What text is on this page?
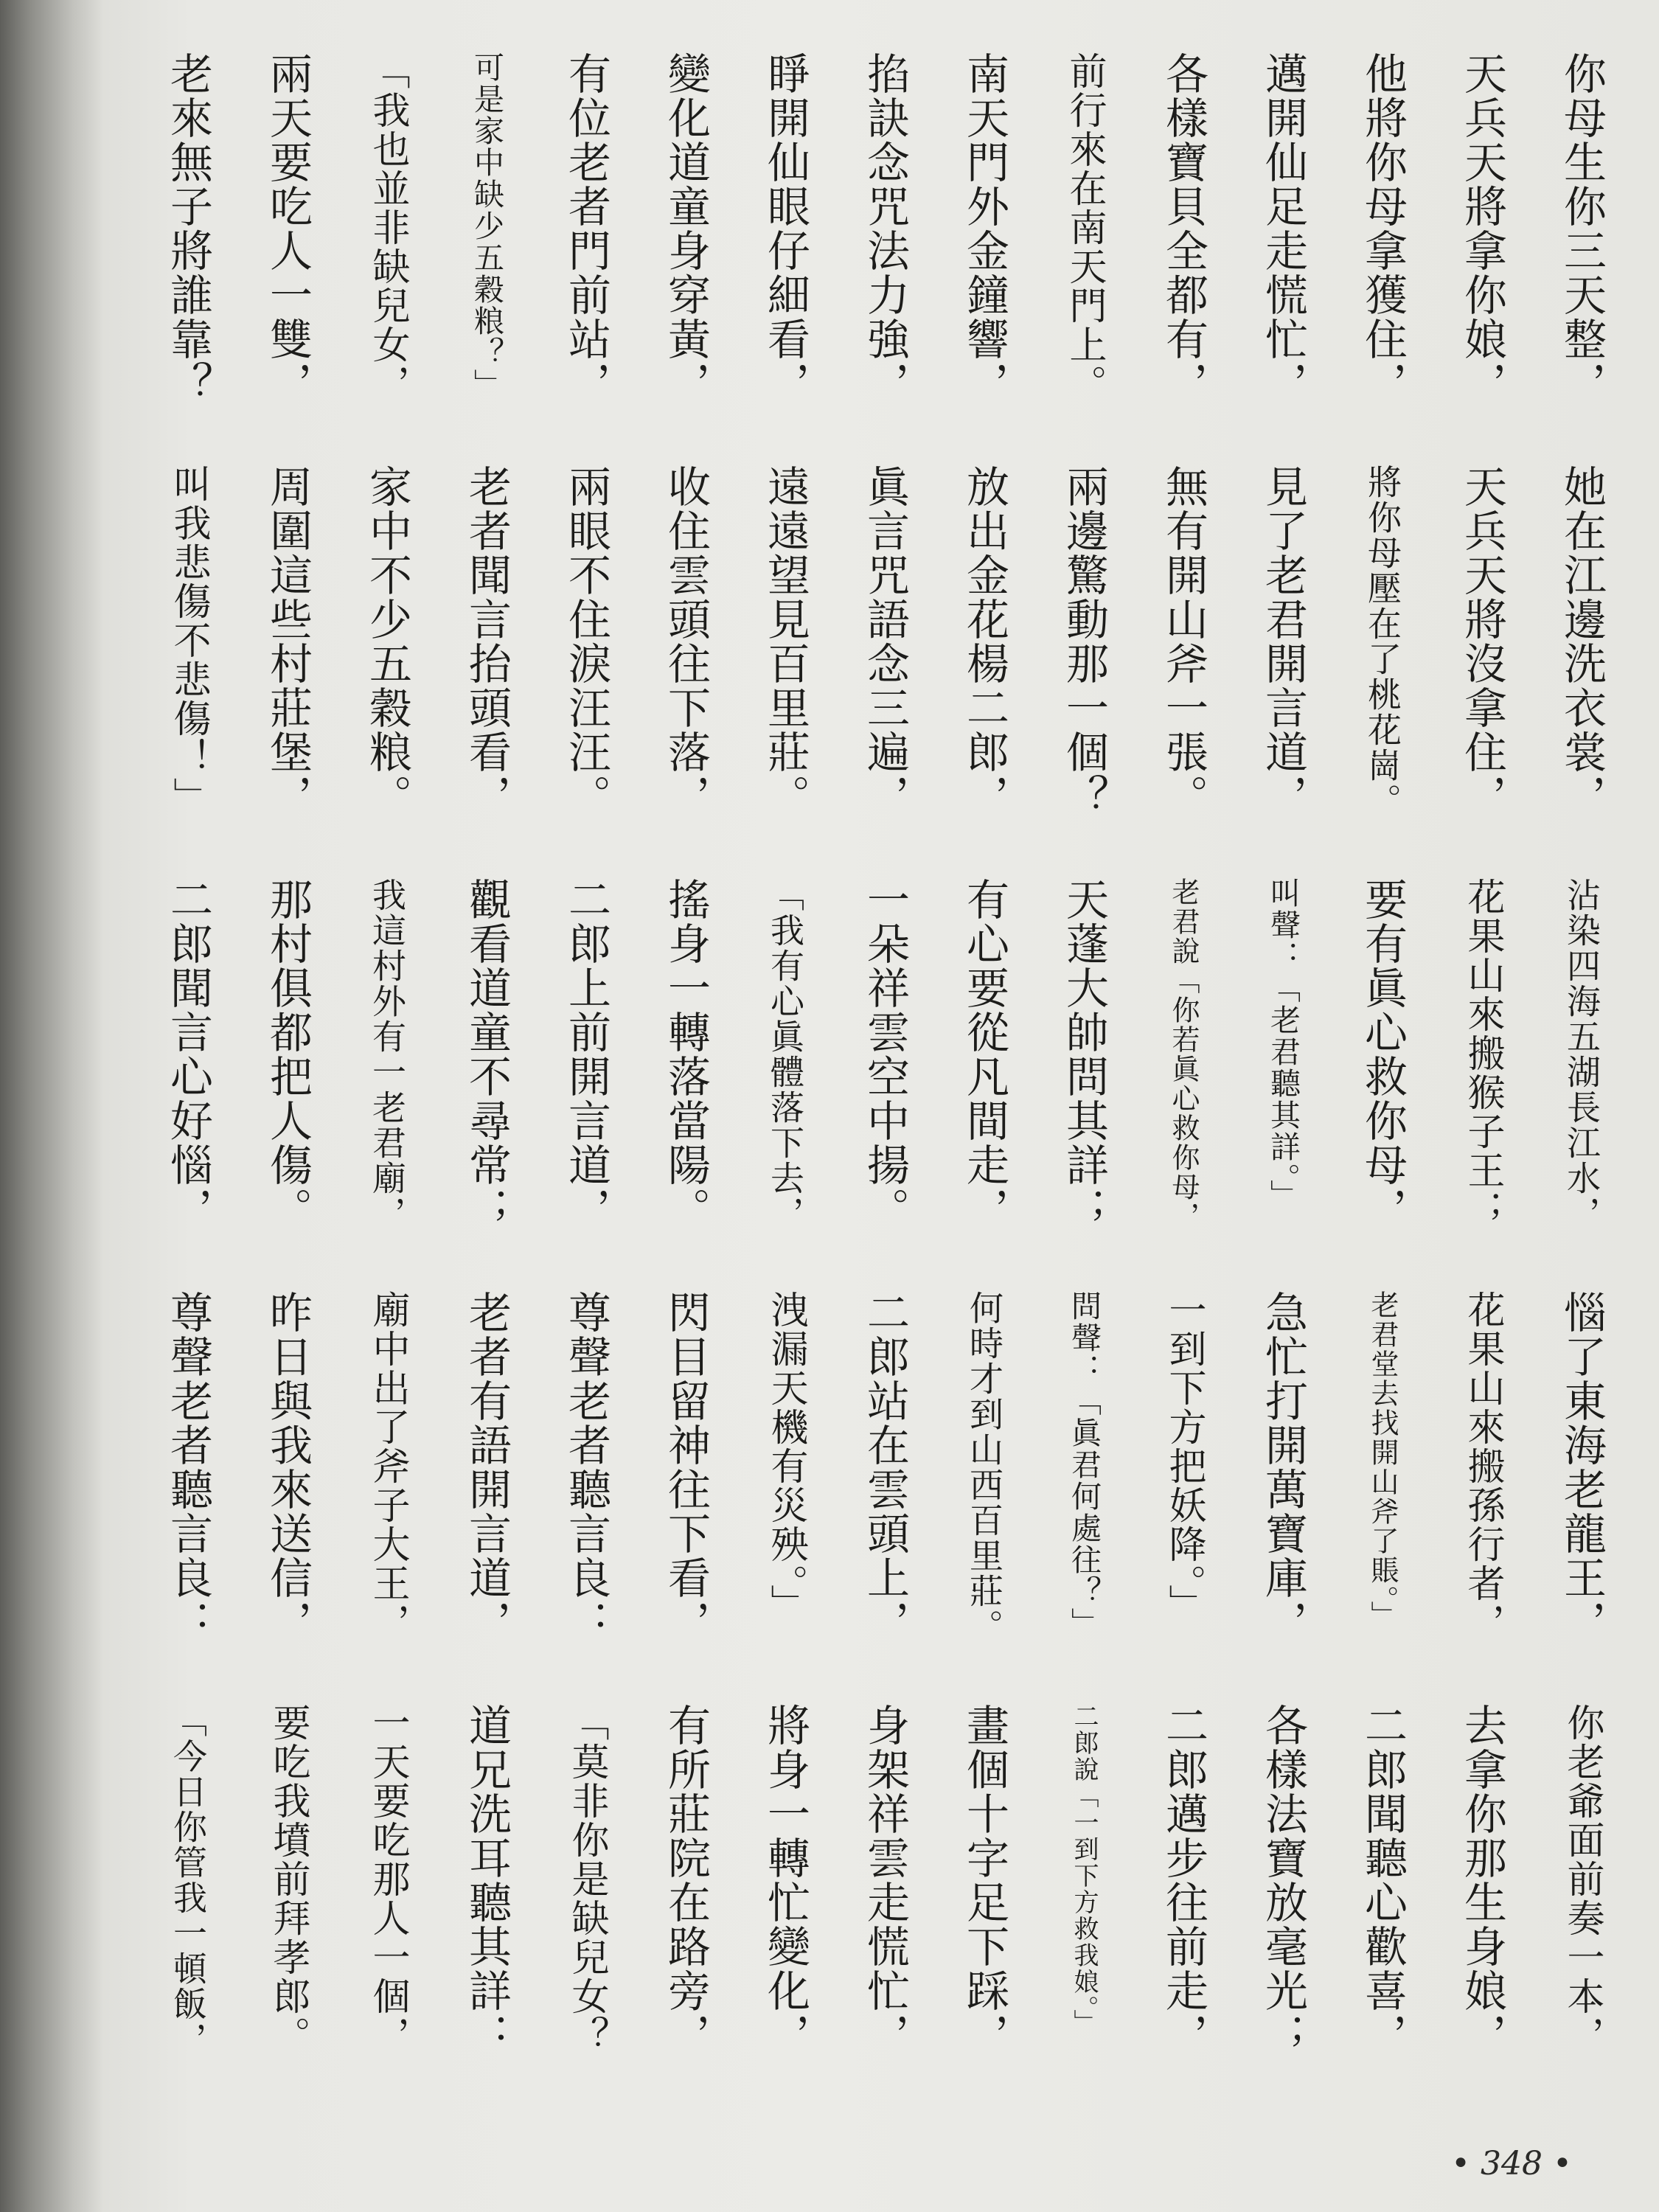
你母生你三天整，
天兵天將拿你娘，
他將你母拿獲住，
邁開仙足走慌忙，
各樣寶貝全都有，
前行來在南天門上。
南天門外金鐘響，
掐訣念咒法力強，
睜開仙眼仔細看，
變化道童身穿黃，
有位老者門前站，
可是家中缺少五穀粮？」
「我也並非缺兒女，
兩天要吃人一雙，
老來無子將誰靠？
她在江邊洗衣裳，
天兵天將沒拿住，
將你母壓在了桃花崗。
見了老君開言道，
無有開山斧一張。
兩邊驚動那一個？
放出金花楊二郎，
眞言咒語念三遍，
遠遠望見百里莊。
收住雲頭往下落，
兩眼不住淚汪汪。
老者聞言抬頭看，
家中不少五穀粮。
周圍這些村莊堡，
叫我悲傷不悲傷！」
沾染四海五湖長江水，
花果山來搬猴子王；
要有眞心救你母，
叫聲：「老君聽其詳。」
老君說「你若眞心救你母，
天蓬大帥問其詳；
有心要從凡間走，
一朵祥雲空中揚。
「我有心眞體落下去，
搖身一轉落當陽。
二郎上前開言道，
觀看道童不尋常；
我這村外有一老君廟，
那村俱都把人傷。
二郎聞言心好惱，
惱了東海老龍王，
花果山來搬孫行者，
老君堂去找開山斧了賬。」
急忙打開萬寶庫，
一到下方把妖降。」
問聲：「眞君何處往？」
何時才到山西百里莊。
二郎站在雲頭上，
洩漏天機有災殃。」
閃目留神往下看，
尊聲老者聽言良：
老者有語開言道，
廟中出了斧子大王，
昨日與我來送信，
尊聲老者聽言良：
你老爺面前奏一本，
去拿你那生身娘，
二郎聞聽心歡喜，
各樣法寶放毫光；
二郎邁步往前走，
二郎說「一到下方救我娘。」
畫個十字足下踩，
身架祥雲走慌忙，
將身一轉忙變化，
有所莊院在路旁，
「莫非你是缺兒女？
道兄洗耳聽其詳：
一天要吃那人一個，
要吃我墳前拜孝郎。
「今日你管我一頓飯，
• 348 •
